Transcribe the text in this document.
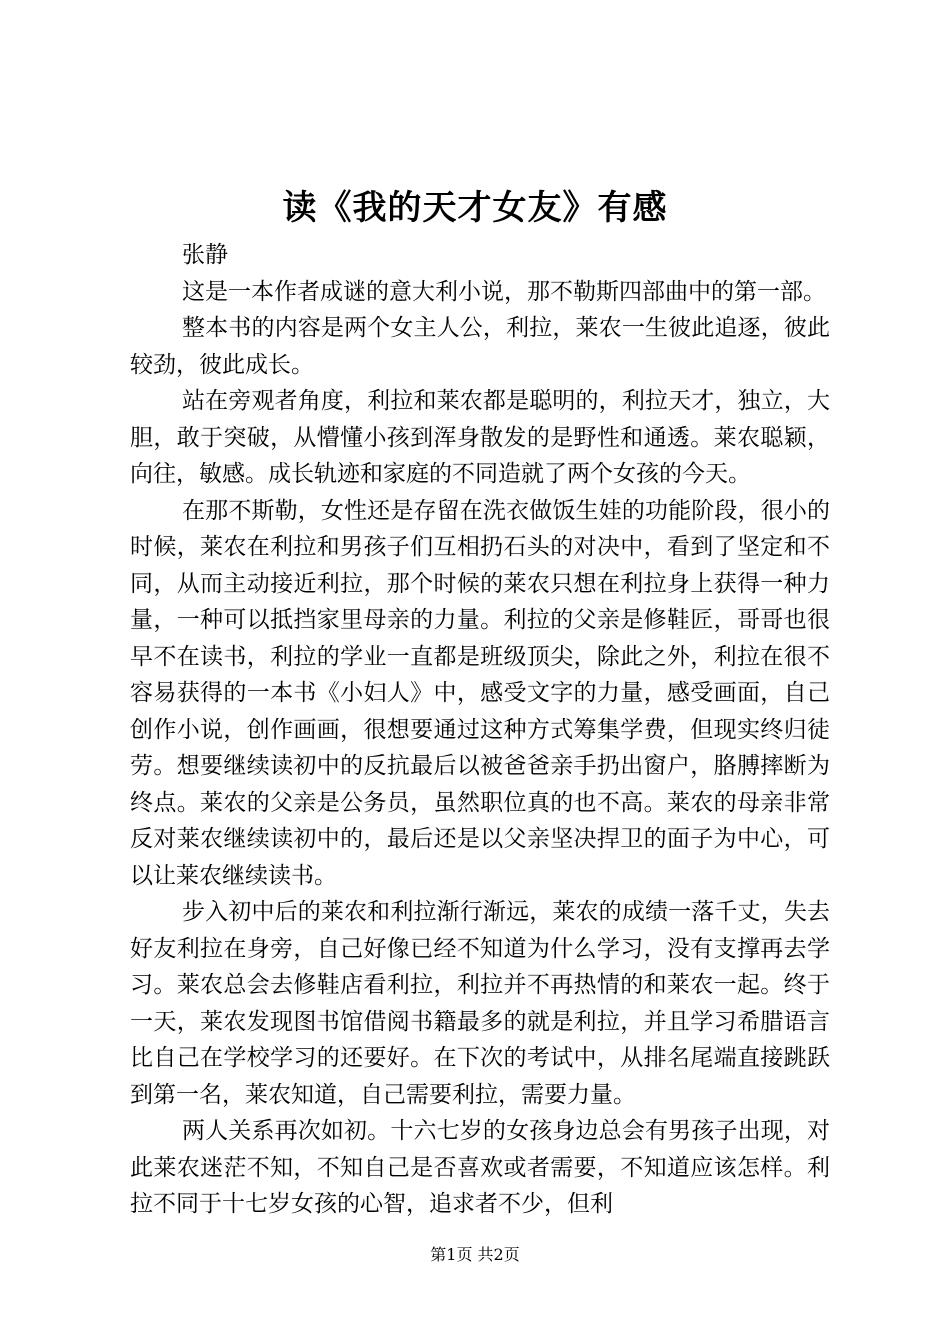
读《我的天才女友》有感
张静

这是一本作者成谜的意大利小说，那不勒斯四部曲中的第一部。

整本书的内容是两个女主人公，利拉，莱农一生彼此追逐，彼此较劲，彼此成长。

站在旁观者角度，利拉和莱农都是聪明的，利拉天才，独立，大胆，敢于突破，从懵懂小孩到浑身散发的是野性和通透。莱农聪颖，向往，敏感。成长轨迹和家庭的不同造就了两个女孩的今天。

在那不斯勒，女性还是存留在洗衣做饭生娃的功能阶段，很小的时候，莱农在利拉和男孩子们互相扔石头的对决中，看到了坚定和不同，从而主动接近利拉，那个时候的莱农只想在利拉身上获得一种力量，一种可以抵挡家里母亲的力量。利拉的父亲是修鞋匠，哥哥也很早不在读书，利拉的学业一直都是班级顶尖，除此之外，利拉在很不容易获得的一本书《小妇人》中，感受文字的力量，感受画面，自己创作小说，创作画画，很想要通过这种方式筹集学费，但现实终归徒劳。想要继续读初中的反抗最后以被爸爸亲手扔出窗户，胳膊摔断为终点。莱农的父亲是公务员，虽然职位真的也不高。莱农的母亲非常反对莱农继续读初中的，最后还是以父亲坚决捍卫的面子为中心，可以让莱农继续读书。

步入初中后的莱农和利拉渐行渐远，莱农的成绩一落千丈，失去好友利拉在身旁，自己好像已经不知道为什么学习，没有支撑再去学习。莱农总会去修鞋店看利拉，利拉并不再热情的和莱农一起。终于一天，莱农发现图书馆借阅书籍最多的就是利拉，并且学习希腊语言比自己在学校学习的还要好。在下次的考试中，从排名尾端直接跳跃到第一名，莱农知道，自己需要利拉，需要力量。

两人关系再次如初。十六七岁的女孩身边总会有男孩子出现，对此莱农迷茫不知，不知自己是否喜欢或者需要，不知道应该怎样。利拉不同于十七岁女孩的心智，追求者不少，但利

第1页 共2页
